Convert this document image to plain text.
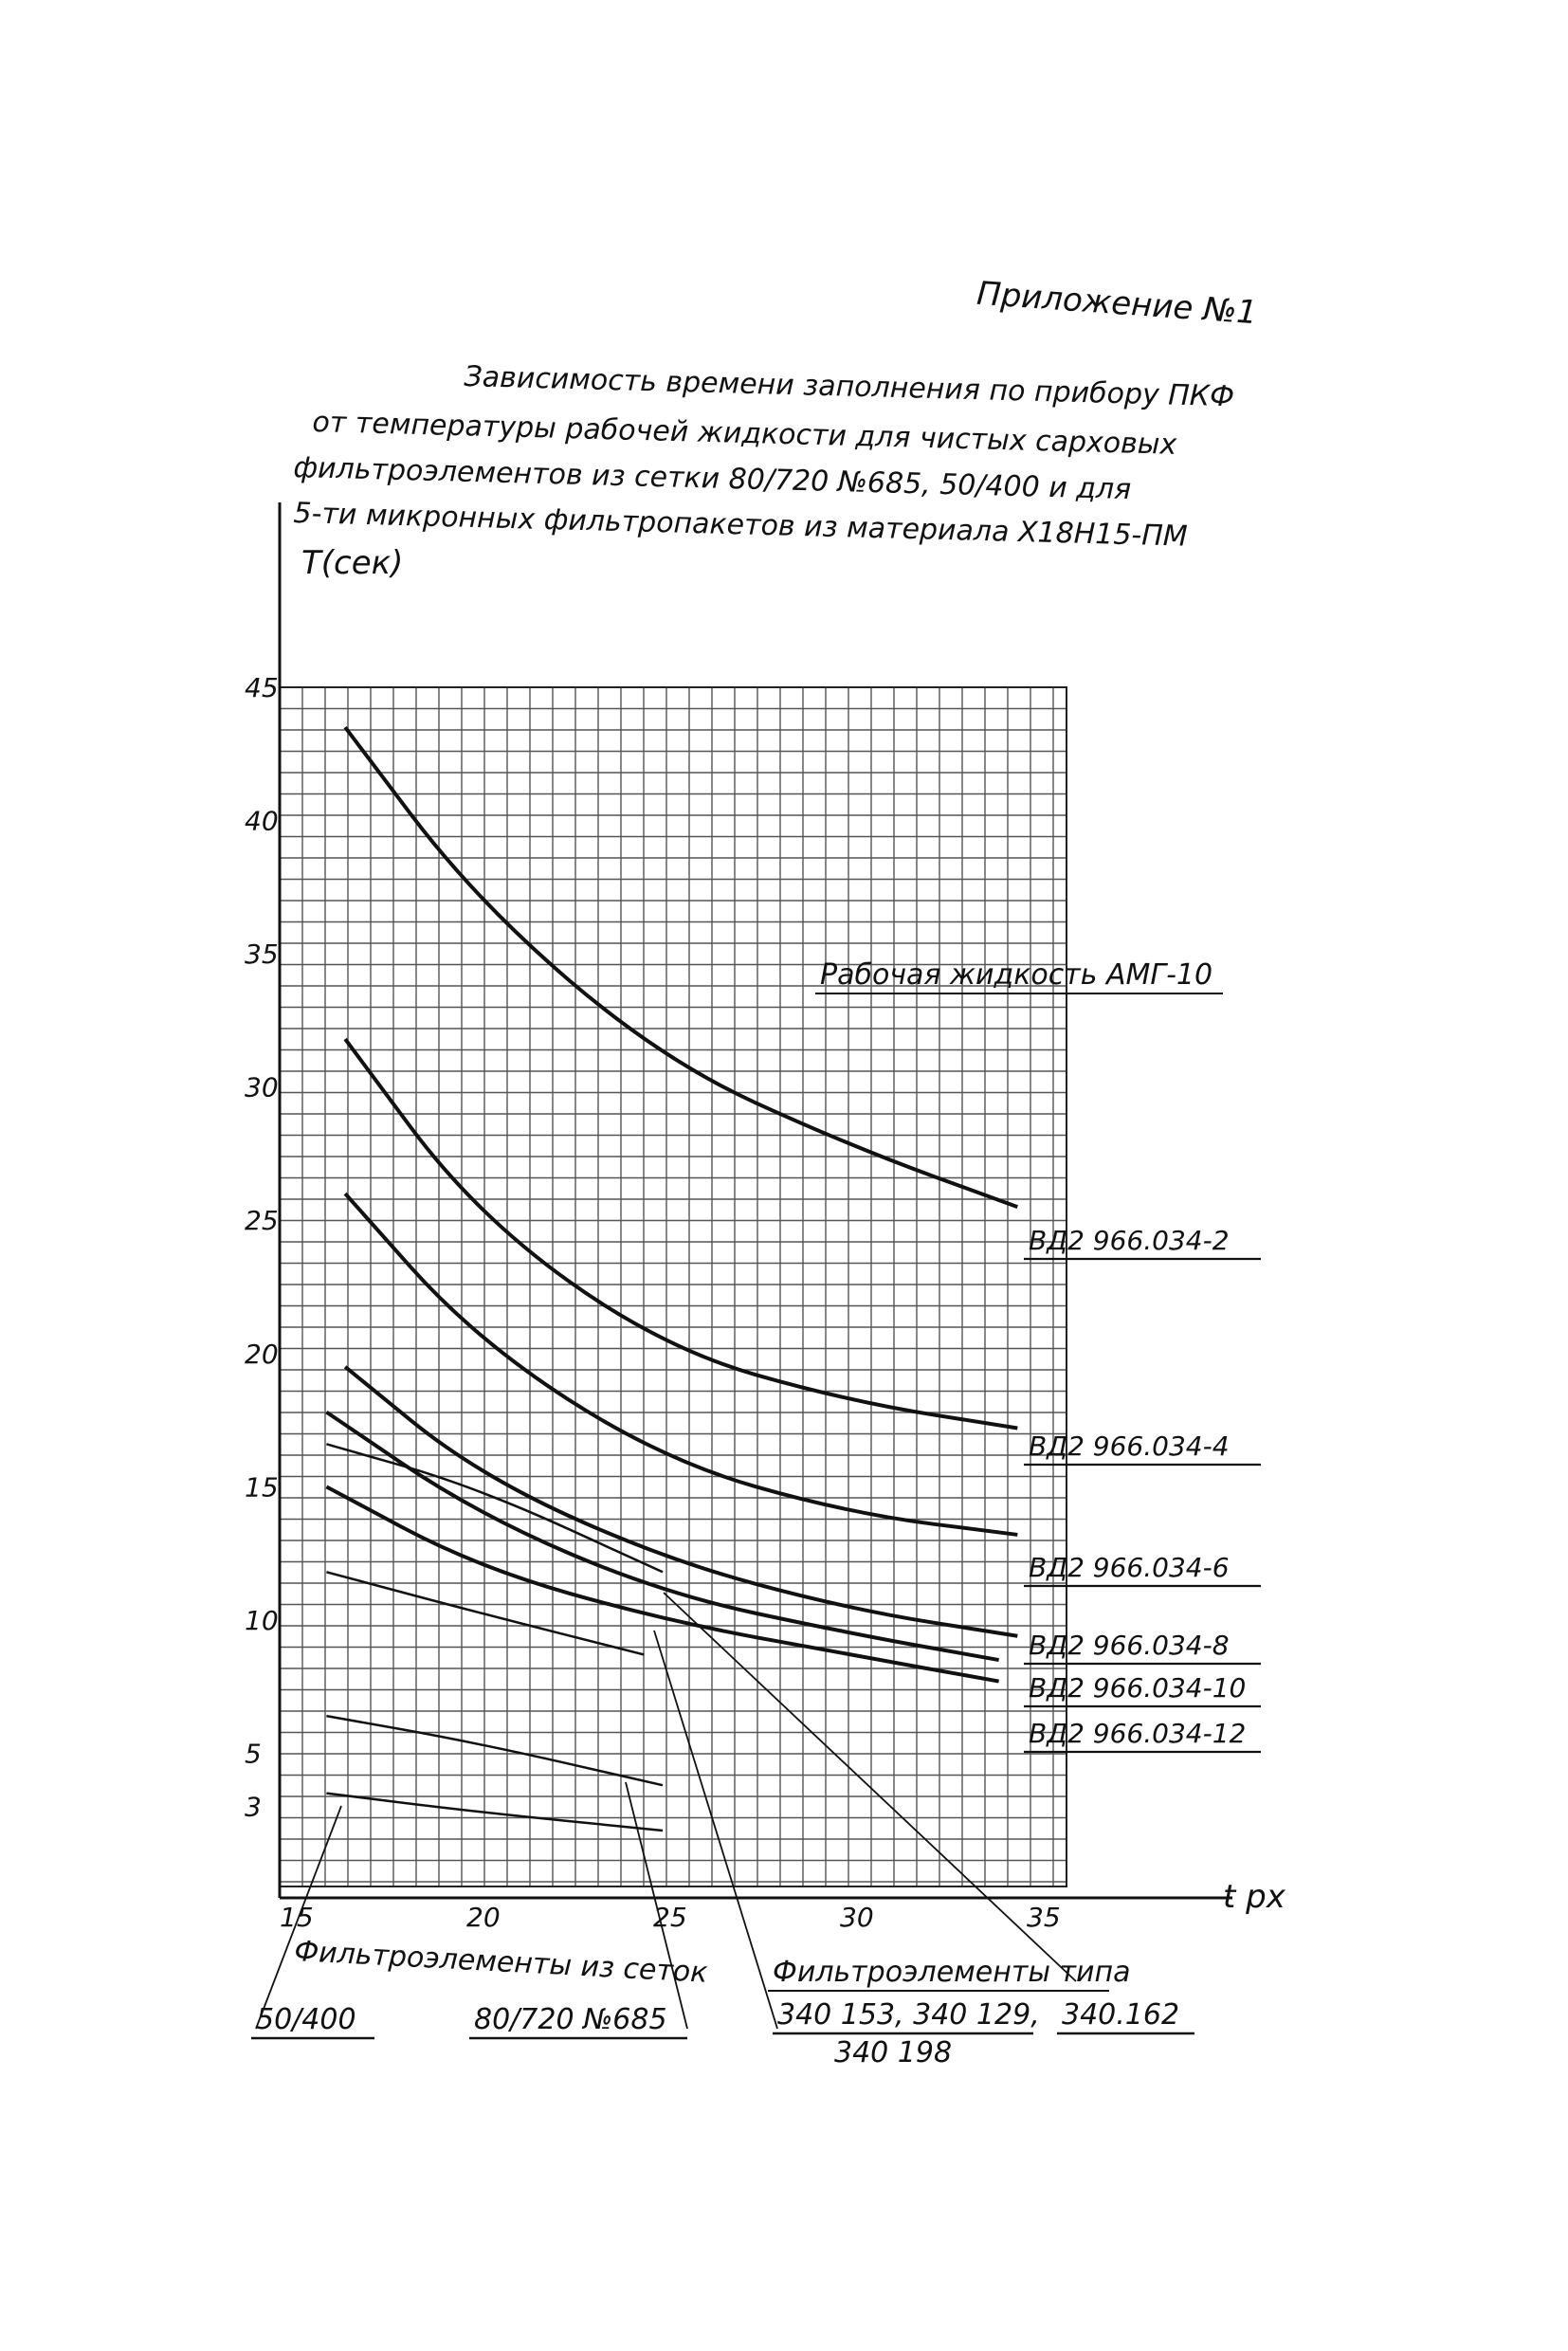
Приложение №1
Зависимость времени заполнения по прибору ПКФ
от температуры рабочей жидкости для чистых сарховых
фильтроэлементов из сетки 80/720 №685, 50/400 и для
5-ти микронных фильтропакетов из материала Х18Н15-ПМ
Т(сек)
t рх
3
5
10
15
20
25
30
35
40
45
15	20	25	30	35
Рабочая жидкость АМГ-10
ВД2 966.034-2
ВД2 966.034-4
ВД2 966.034-6
ВД2 966.034-8
ВД2 966.034-10
ВД2 966.034-12
Фильтроэлементы из сеток
50/400	80/720 №685
Фильтроэлементы типа
340 153, 340 129,
340 198
340.162
